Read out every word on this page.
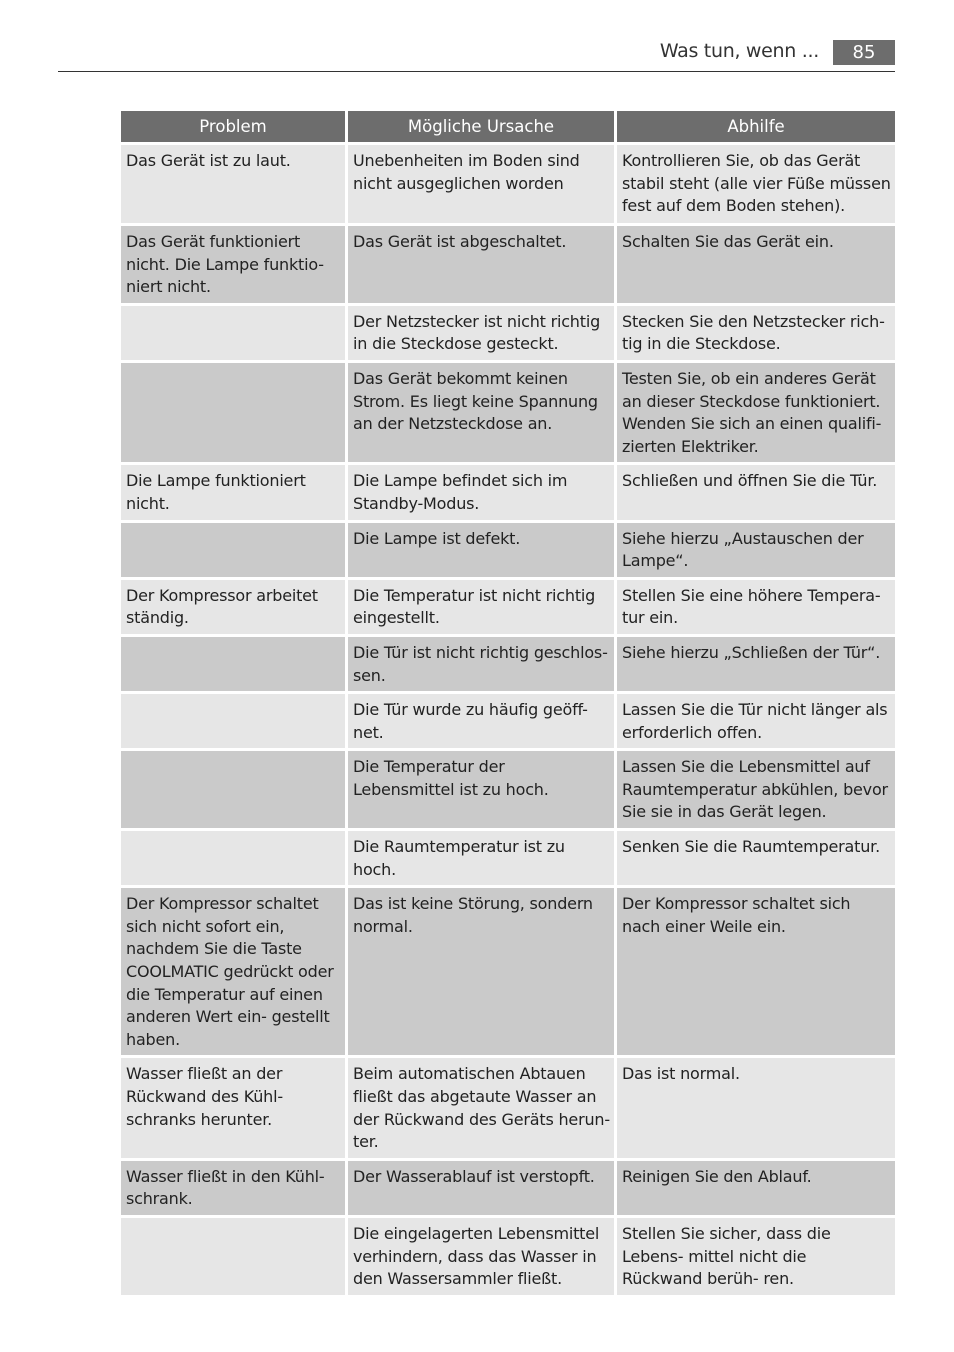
Was tun, wenn ...	85
Problem	Mögliche Ursache	Abhilfe
Das Gerät ist zu laut.	Unebenheiten im Boden sind nicht ausgeglichen worden	Kontrollieren Sie, ob das Gerät stabil steht (alle vier Füße müssen fest auf dem Boden stehen).
Das Gerät funktioniert nicht. Die Lampe funktio- niert nicht.	Das Gerät ist abgeschaltet.	Schalten Sie das Gerät ein.
	Der Netzstecker ist nicht richtig in die Steckdose gesteckt.	Stecken Sie den Netzstecker rich- tig in die Steckdose.
	Das Gerät bekommt keinen Strom. Es liegt keine Spannung an der Netzsteckdose an.	Testen Sie, ob ein anderes Gerät an dieser Steckdose funktioniert. Wenden Sie sich an einen qualifi- zierten Elektriker.
Die Lampe funktioniert nicht.	Die Lampe befindet sich im Standby-Modus.	Schließen und öffnen Sie die Tür.
	Die Lampe ist defekt.	Siehe hierzu „Austauschen der Lampe“.
Der Kompressor arbeitet ständig.	Die Temperatur ist nicht richtig eingestellt.	Stellen Sie eine höhere Tempera- tur ein.
	Die Tür ist nicht richtig geschlos- sen.	Siehe hierzu „Schließen der Tür“.
	Die Tür wurde zu häufig geöff- net.	Lassen Sie die Tür nicht länger als erforderlich offen.
	Die Temperatur der Lebensmittel ist zu hoch.	Lassen Sie die Lebensmittel auf Raumtemperatur abkühlen, bevor Sie sie in das Gerät legen.
	Die Raumtemperatur ist zu hoch.	Senken Sie die Raumtemperatur.
Der Kompressor schaltet sich nicht sofort ein, nachdem Sie die Taste COOLMATIC gedrückt oder die Temperatur auf einen anderen Wert ein- gestellt haben.	Das ist keine Störung, sondern normal.	Der Kompressor schaltet sich nach einer Weile ein.
Wasser fließt an der Rückwand des Kühl- schranks herunter.	Beim automatischen Abtauen fließt das abgetaute Wasser an der Rückwand des Geräts herun- ter.	Das ist normal.
Wasser fließt in den Kühl- schrank.	Der Wasserablauf ist verstopft.	Reinigen Sie den Ablauf.
	Die eingelagerten Lebensmittel verhindern, dass das Wasser in den Wassersammler fließt.	Stellen Sie sicher, dass die Lebens- mittel nicht die Rückwand berüh- ren.
